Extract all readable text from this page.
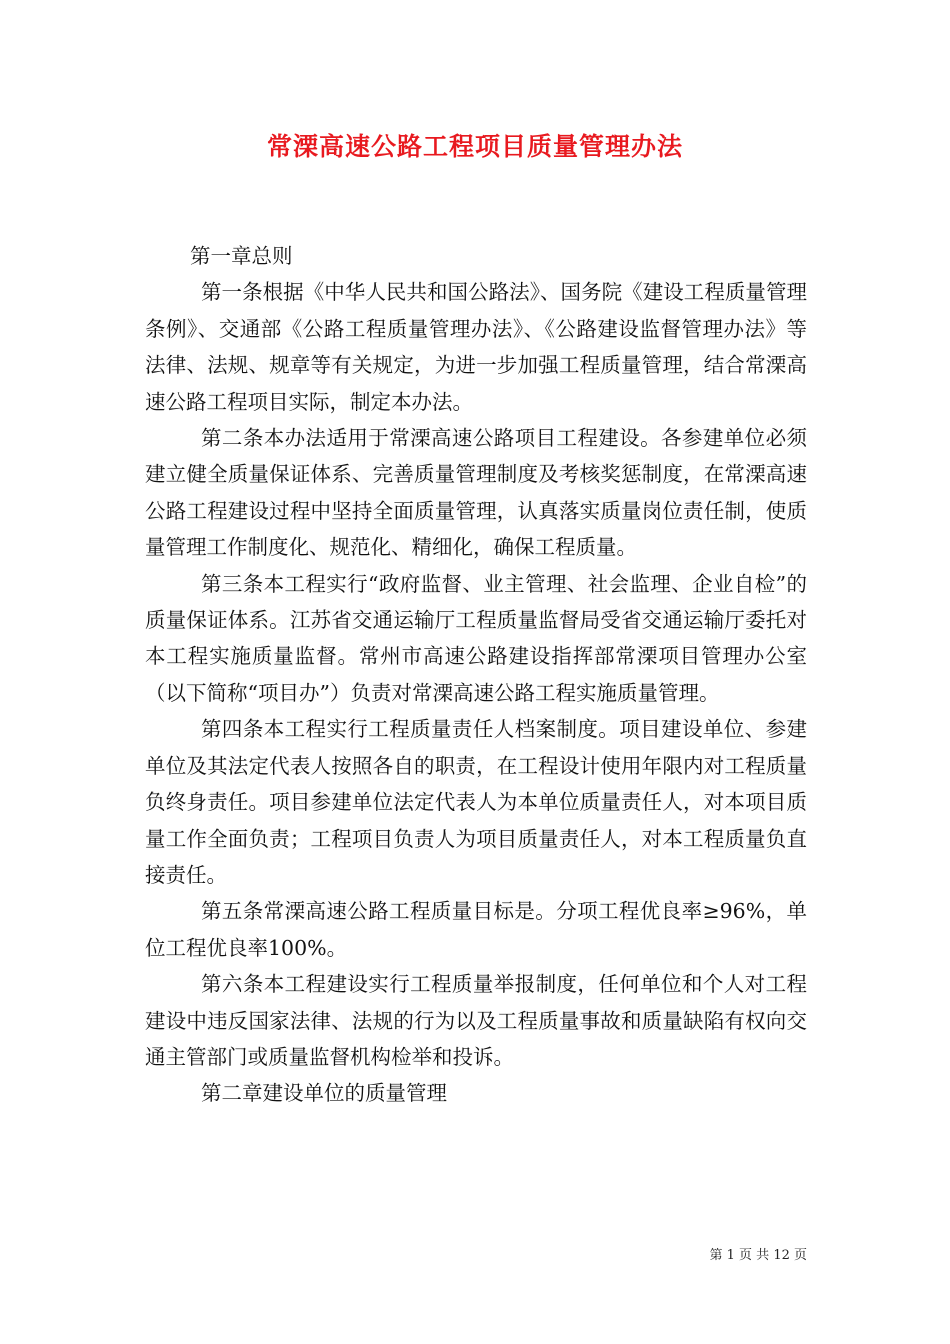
常溧高速公路工程项目质量管理办法

第一章总则

第一条根据《中华人民共和国公路法》、国务院《建设工程质量管理条例》、交通部《公路工程质量管理办法》、《公路建设监督管理办法》等法律、法规、规章等有关规定，为进一步加强工程质量管理，结合常溧高速公路工程项目实际，制定本办法。

第二条本办法适用于常溧高速公路项目工程建设。各参建单位必须建立健全质量保证体系、完善质量管理制度及考核奖惩制度，在常溧高速公路工程建设过程中坚持全面质量管理，认真落实质量岗位责任制，使质量管理工作制度化、规范化、精细化，确保工程质量。

第三条本工程实行“政府监督、业主管理、社会监理、企业自检”的质量保证体系。江苏省交通运输厅工程质量监督局受省交通运输厅委托对本工程实施质量监督。常州市高速公路建设指挥部常溧项目管理办公室（以下简称“项目办”）负责对常溧高速公路工程实施质量管理。

第四条本工程实行工程质量责任人档案制度。项目建设单位、参建单位及其法定代表人按照各自的职责，在工程设计使用年限内对工程质量负终身责任。项目参建单位法定代表人为本单位质量责任人，对本项目质量工作全面负责；工程项目负责人为项目质量责任人，对本工程质量负直接责任。

第五条常溧高速公路工程质量目标是。分项工程优良率≥96%，单位工程优良率100%。

第六条本工程建设实行工程质量举报制度，任何单位和个人对工程建设中违反国家法律、法规的行为以及工程质量事故和质量缺陷有权向交通主管部门或质量监督机构检举和投诉。

第二章建设单位的质量管理

第 1 页 共 12 页
